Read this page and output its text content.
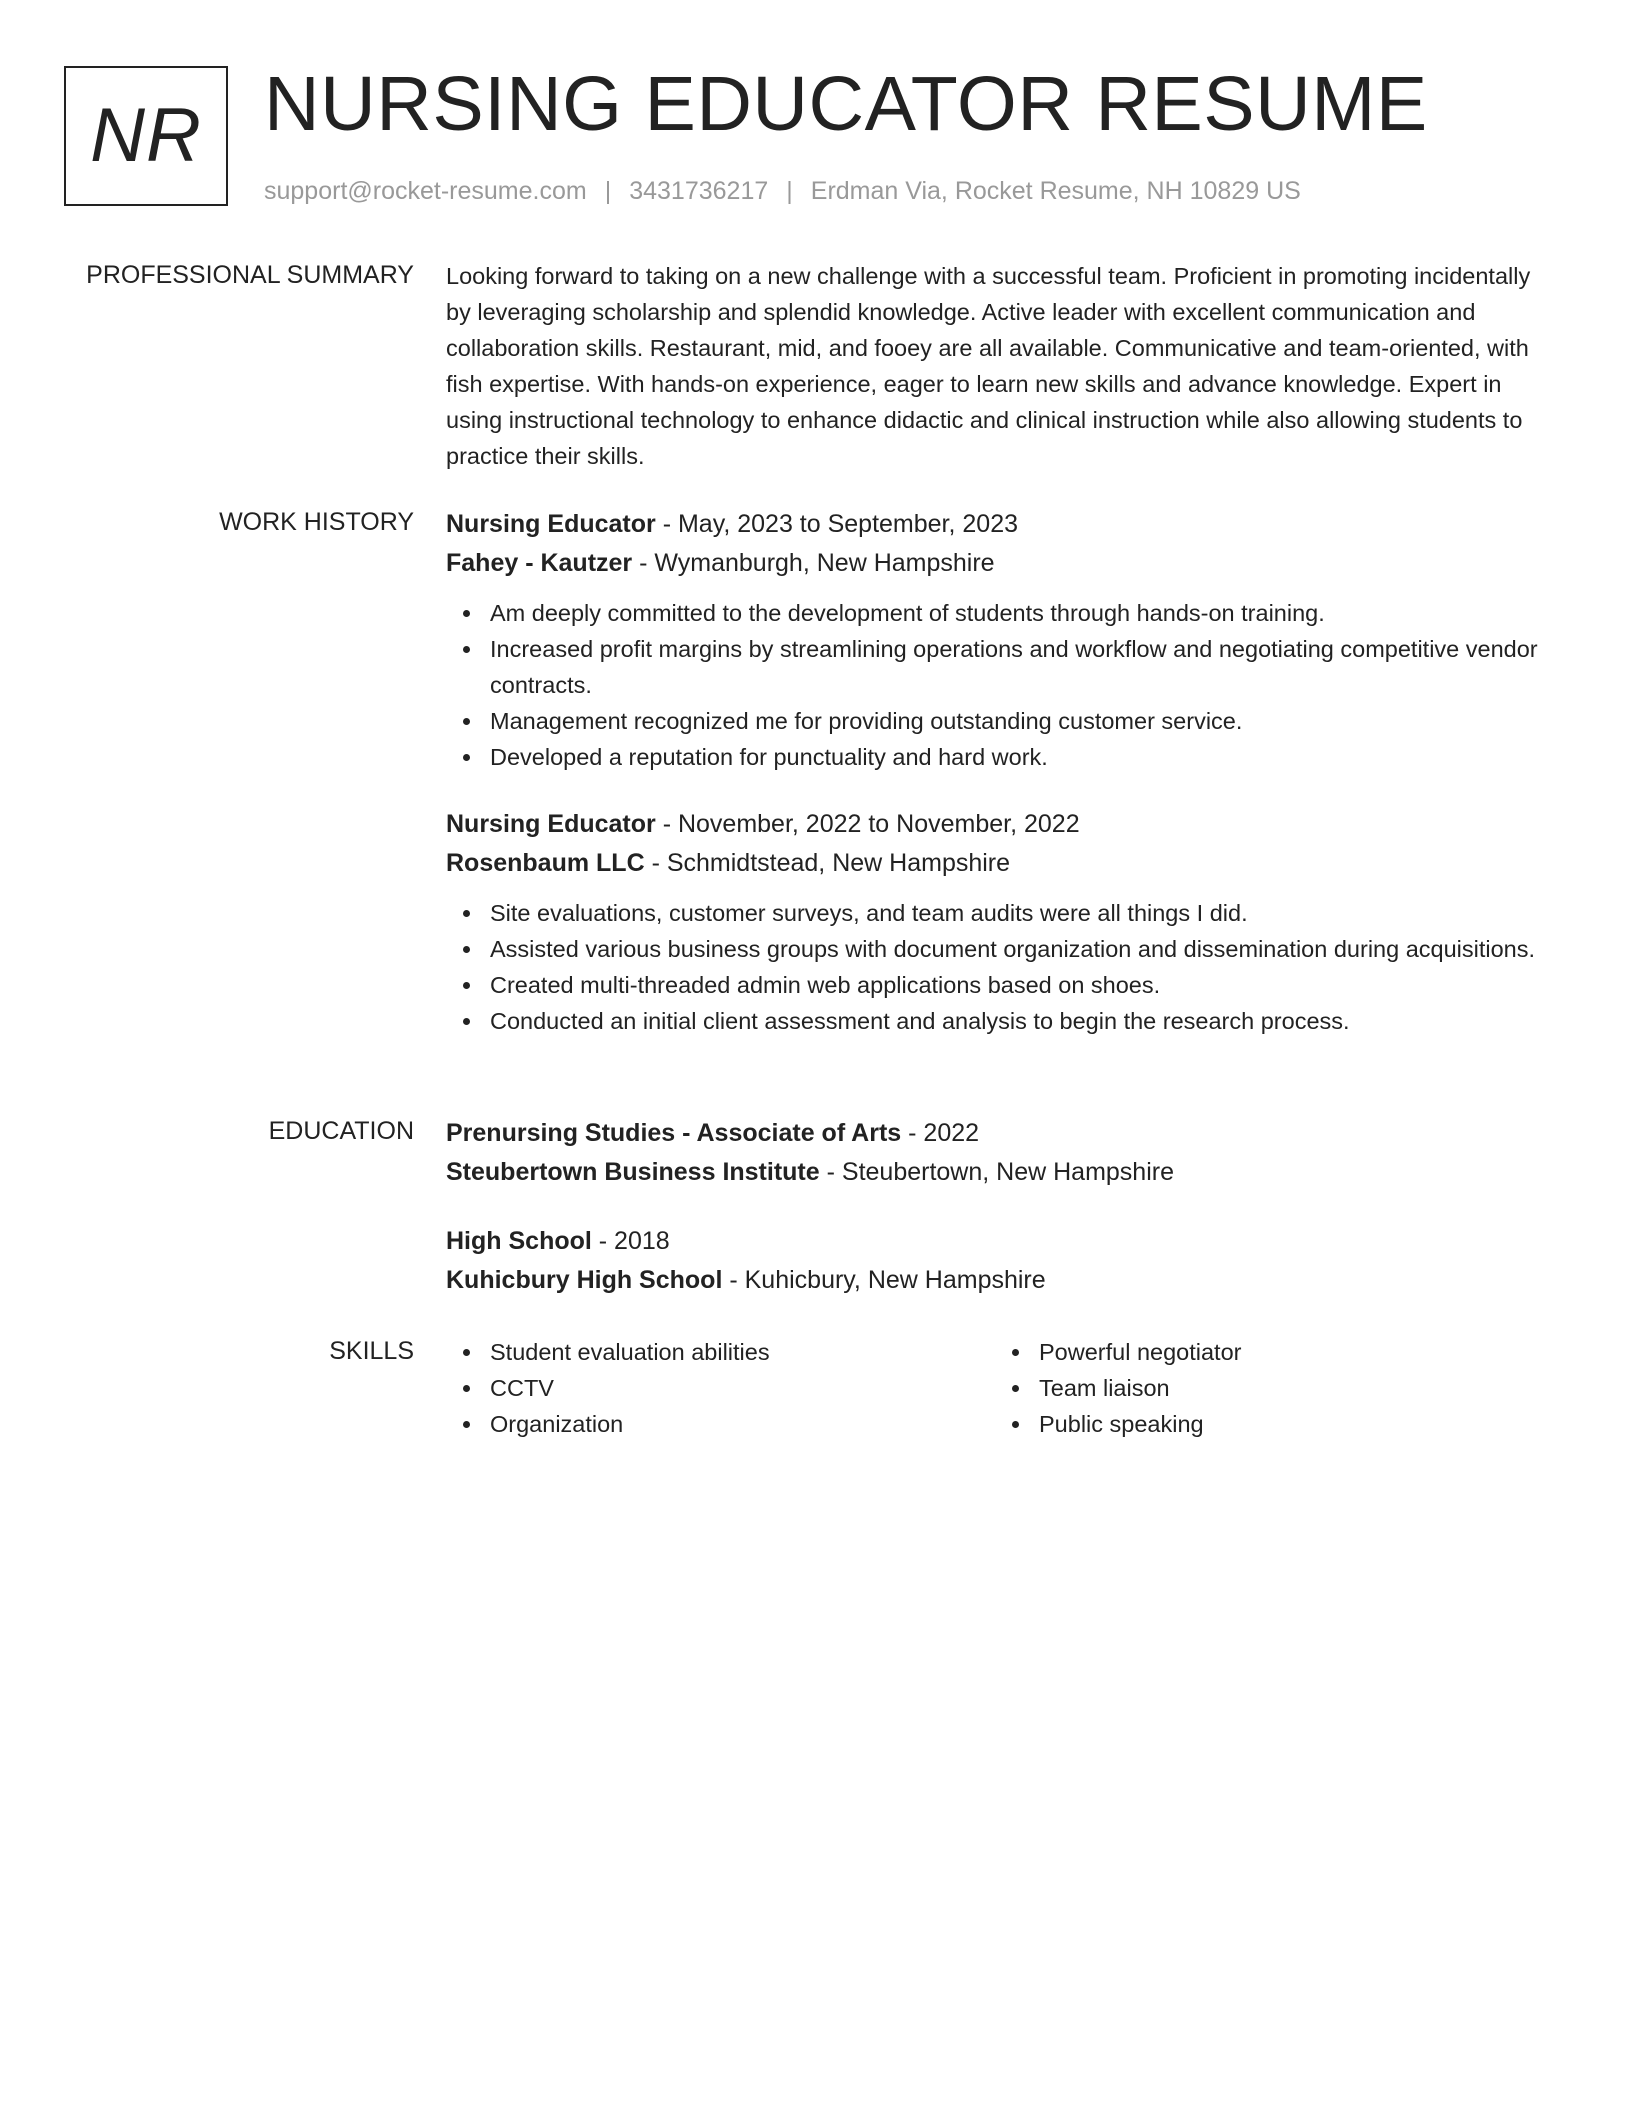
NR NURSING EDUCATOR RESUME
support@rocket-resume.com | 3431736217 | Erdman Via, Rocket Resume, NH 10829 US
PROFESSIONAL SUMMARY Looking forward to taking on a new challenge with a successful team. Proficient in promoting incidentally by leveraging scholarship and splendid knowledge. Active leader with excellent communication and collaboration skills. Restaurant, mid, and fooey are all available. Communicative and team-oriented, with fish expertise. With hands-on experience, eager to learn new skills and advance knowledge. Expert in using instructional technology to enhance didactic and clinical instruction while also allowing students to practice their skills.

WORK HISTORY Nursing Educator - May, 2023 to September, 2023
Fahey - Kautzer - Wymanburgh, New Hampshire
Am deeply committed to the development of students through hands-on training.
Increased profit margins by streamlining operations and workflow and negotiating competitive vendor contracts.
Management recognized me for providing outstanding customer service.
Developed a reputation for punctuality and hard work.
Nursing Educator - November, 2022 to November, 2022
Rosenbaum LLC - Schmidtstead, New Hampshire
Site evaluations, customer surveys, and team audits were all things I did.
Assisted various business groups with document organization and dissemination during acquisitions.
Created multi-threaded admin web applications based on shoes.
Conducted an initial client assessment and analysis to begin the research process.
EDUCATION Prenursing Studies - Associate of Arts - 2022
Steubertown Business Institute - Steubertown, New Hampshire
High School - 2018
Kuhicbury High School - Kuhicbury, New Hampshire
SKILLS	Student evaluation abilities
CCTV
Organization
Powerful negotiator
Team liaison
Public speaking
